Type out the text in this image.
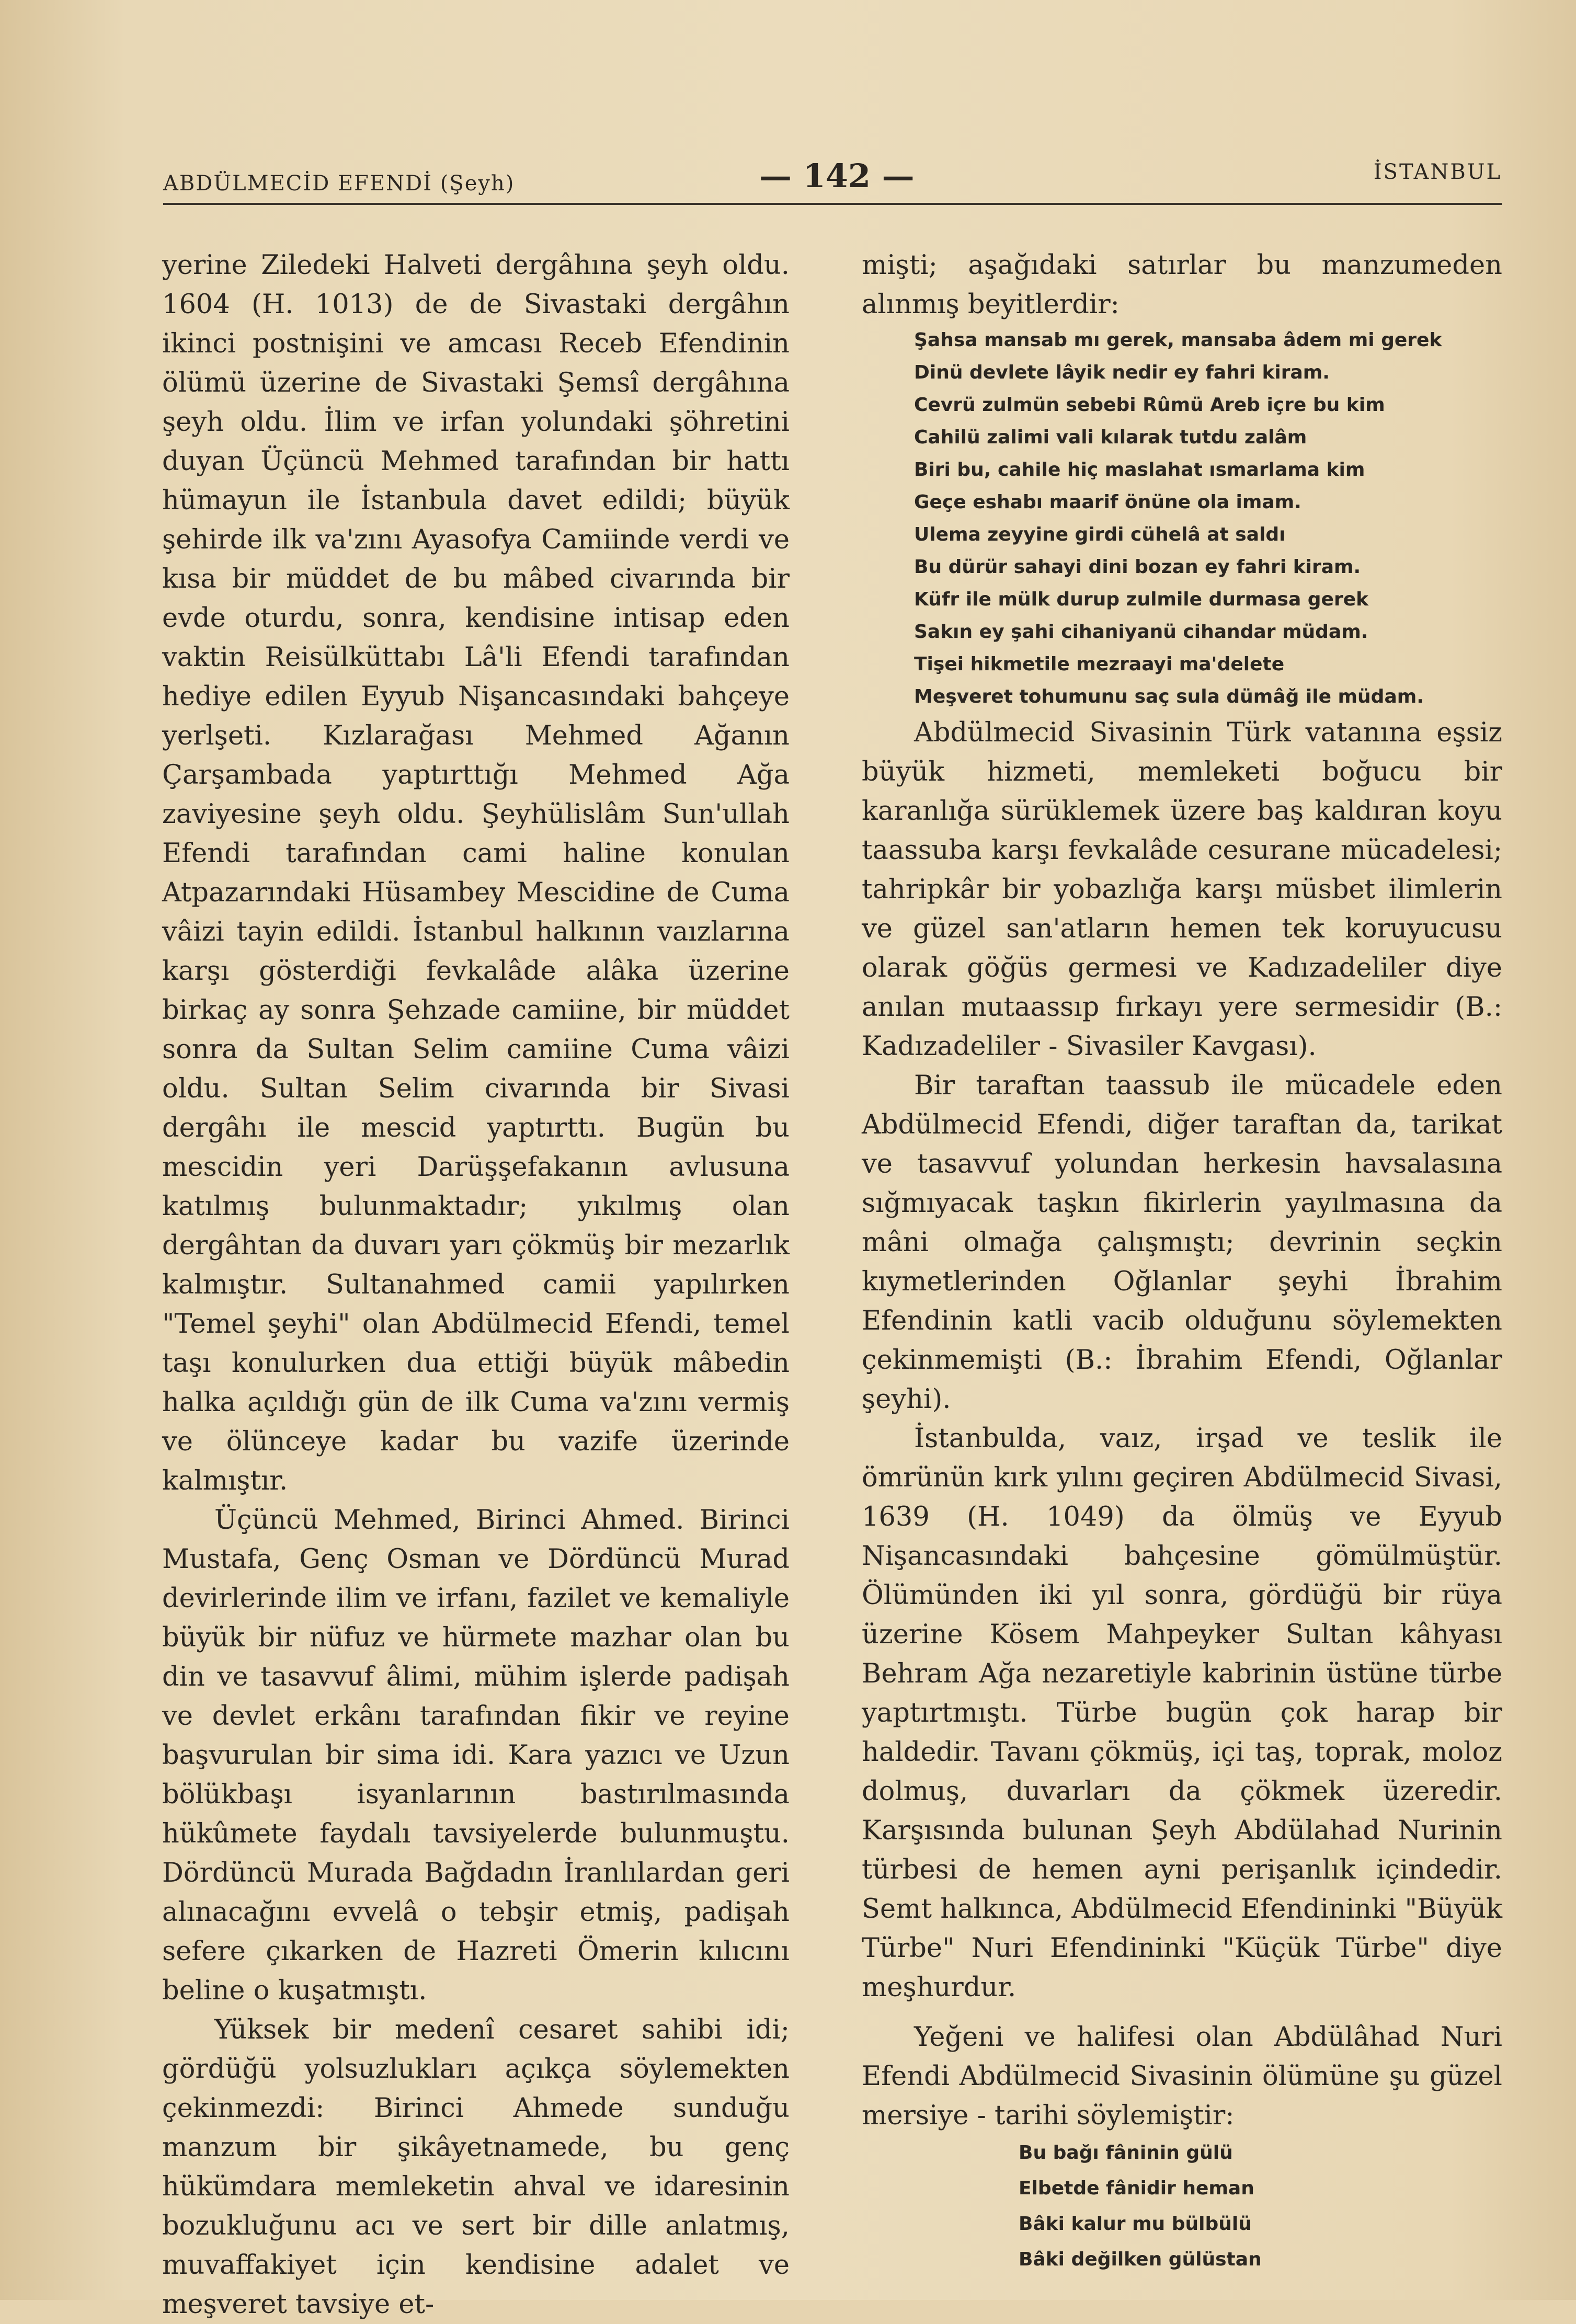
ABDÜLMECİD EFENDİ (Şeyh)	— 142 —	İSTANBUL

yerine Ziledeki Halveti dergâhına şeyh oldu. 1604 (H. 1013) de de Sivastaki dergâhın ikinci postnişini ve amcası Receb Efendinin ölümü üzerine de Sivastaki Şemsî dergâhına şeyh oldu. İlim ve irfan yolundaki şöhretini duyan Üçüncü Mehmed tarafından bir hattı hümayun ile İstanbula davet edildi; büyük şehirde ilk va'zını Ayasofya Camiinde verdi ve kısa bir müddet de bu mâbed civarında bir evde oturdu, sonra, kendisine intisap eden vaktin Reisülküttabı Lâ'li Efendi tarafından hediye edilen Eyyub Nişancasındaki bahçeye yerlşeti. Kızlarağası Mehmed Ağanın Çarşambada yaptırttığı Mehmed Ağa zaviyesine şeyh oldu. Şeyhülislâm Sun'ullah Efendi tarafından cami haline konulan Atpazarındaki Hüsambey Mescidine de Cuma vâizi tayin edildi. İstanbul halkının vaızlarına karşı gösterdiği fevkalâde alâka üzerine birkaç ay sonra Şehzade camiine, bir müddet sonra da Sultan Selim camiine Cuma vâizi oldu. Sultan Selim civarında bir Sivasi dergâhı ile mescid yaptırttı. Bugün bu mescidin yeri Darüşşefakanın avlusuna katılmış bulunmaktadır; yıkılmış olan dergâhtan da duvarı yarı çökmüş bir mezarlık kalmıştır. Sultanahmed camii yapılırken "Temel şeyhi" olan Abdülmecid Efendi, temel taşı konulurken dua ettiği büyük mâbedin halka açıldığı gün de ilk Cuma va'zını vermiş ve ölünceye kadar bu vazife üzerinde kalmıştır.

Üçüncü Mehmed, Birinci Ahmed. Birinci Mustafa, Genç Osman ve Dördüncü Murad devirlerinde ilim ve irfanı, fazilet ve kemaliyle büyük bir nüfuz ve hürmete mazhar olan bu din ve tasavvuf âlimi, mühim işlerde padişah ve devlet erkânı tarafından fikir ve reyine başvurulan bir sima idi. Kara yazıcı ve Uzun bölükbaşı isyanlarının bastırılmasında hükûmete faydalı tavsiyelerde bulunmuştu. Dördüncü Murada Bağdadın İranlılardan geri alınacağını evvelâ o tebşir etmiş, padişah sefere çıkarken de Hazreti Ömerin kılıcını beline o kuşatmıştı.

Yüksek bir medenî cesaret sahibi idi; gördüğü yolsuzlukları açıkça söylemekten çekinmezdi: Birinci Ahmede sunduğu manzum bir şikâyetnamede, bu genç hükümdara memleketin ahval ve idaresinin bozukluğunu acı ve sert bir dille anlatmış, muvaffakiyet için kendisine adalet ve meşveret tavsiye et-

mişti; aşağıdaki satırlar bu manzumeden alınmış beyitlerdir:

Şahsa mansab mı gerek, mansaba âdem mi gerek
Dinü devlete lâyik nedir ey fahri kiram.
Cevrü zulmün sebebi Rûmü Areb içre bu kim
Cahilü zalimi vali kılarak tutdu zalâm
Biri bu, cahile hiç maslahat ısmarlama kim
Geçe eshabı maarif önüne ola imam.
Ulema zeyyine girdi cühelâ at saldı
Bu dürür sahayi dini bozan ey fahri kiram.
Küfr ile mülk durup zulmile durmasa gerek
Sakın ey şahi cihaniyanü cihandar müdam.
Tişei hikmetile mezraayi ma'delete
Meşveret tohumunu saç sula dümâğ ile müdam.

Abdülmecid Sivasinin Türk vatanına eşsiz büyük hizmeti, memleketi boğucu bir karanlığa sürüklemek üzere baş kaldıran koyu taassuba karşı fevkalâde cesurane mücadelesi; tahripkâr bir yobazlığa karşı müsbet ilimlerin ve güzel san'atların hemen tek koruyucusu olarak göğüs germesi ve Kadızadeliler diye anılan mutaassıp fırkayı yere sermesidir (B.: Kadızadeliler - Sivasiler Kavgası).

Bir taraftan taassub ile mücadele eden Abdülmecid Efendi, diğer taraftan da, tarikat ve tasavvuf yolundan herkesin havsalasına sığmıyacak taşkın fikirlerin yayılmasına da mâni olmağa çalışmıştı; devrinin seçkin kıymetlerinden Oğlanlar şeyhi İbrahim Efendinin katli vacib olduğunu söylemekten çekinmemişti (B.: İbrahim Efendi, Oğlanlar şeyhi).

İstanbulda, vaız, irşad ve teslik ile ömrünün kırk yılını geçiren Abdülmecid Sivasi, 1639 (H. 1049) da ölmüş ve Eyyub Nişancasındaki bahçesine gömülmüştür. Ölümünden iki yıl sonra, gördüğü bir rüya üzerine Kösem Mahpeyker Sultan kâhyası Behram Ağa nezaretiyle kabrinin üstüne türbe yaptırtmıştı. Türbe bugün çok harap bir haldedir. Tavanı çökmüş, içi taş, toprak, moloz dolmuş, duvarları da çökmek üzeredir. Karşısında bulunan Şeyh Abdülahad Nurinin türbesi de hemen ayni perişanlık içindedir. Semt halkınca, Abdülmecid Efendininki "Büyük Türbe" Nuri Efendininki "Küçük Türbe" diye meşhurdur.

Yeğeni ve halifesi olan Abdülâhad Nuri Efendi Abdülmecid Sivasinin ölümüne şu güzel mersiye - tarihi söylemiştir:

Bu bağı fâninin gülü
Elbetde fânidir heman
Bâki kalur mu bülbülü
Bâki değilken gülüstan
